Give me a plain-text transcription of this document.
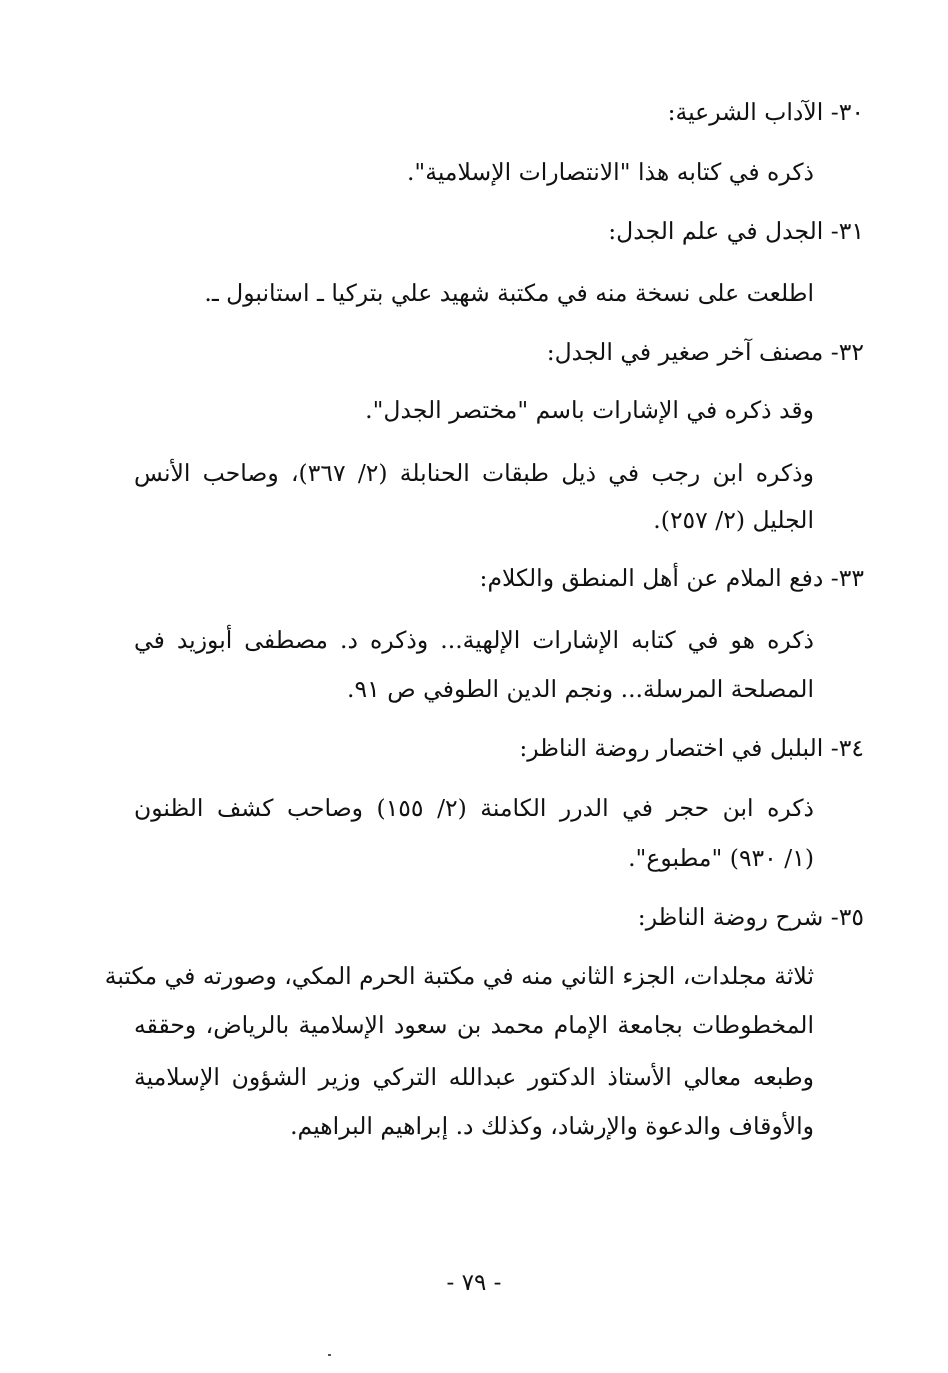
٣٠- الآداب الشرعية:
ذكره في كتابه هذا "الانتصارات الإسلامية".
٣١- الجدل في علم الجدل:
اطلعت على نسخة منه في مكتبة شهيد علي بتركيا ـ استانبول ـ.
٣٢- مصنف آخر صغير في الجدل:
وقد ذكره في الإشارات باسم "مختصر الجدل".
وذكره ابن رجب في ذيل طبقات الحنابلة (٢/ ٣٦٧)، وصاحب الأنس
الجليل (٢/ ٢٥٧).
٣٣- دفع الملام عن أهل المنطق والكلام:
ذكره هو في كتابه الإشارات الإلهية... وذكره د. مصطفى أبوزيد في
المصلحة المرسلة... ونجم الدين الطوفي ص ٩١.
٣٤- البلبل في اختصار روضة الناظر:
ذكره ابن حجر في الدرر الكامنة (٢/ ١٥٥) وصاحب كشف الظنون
(١/ ٩٣٠) "مطبوع".
٣٥- شرح روضة الناظر:
ثلاثة مجلدات، الجزء الثاني منه في مكتبة الحرم المكي، وصورته في مكتبة
المخطوطات بجامعة الإمام محمد بن سعود الإسلامية بالرياض، وحققه
وطبعه معالي الأستاذ الدكتور عبدالله التركي وزير الشؤون الإسلامية
والأوقاف والدعوة والإرشاد، وكذلك د. إبراهيم البراهيم.
- ٧٩ -
